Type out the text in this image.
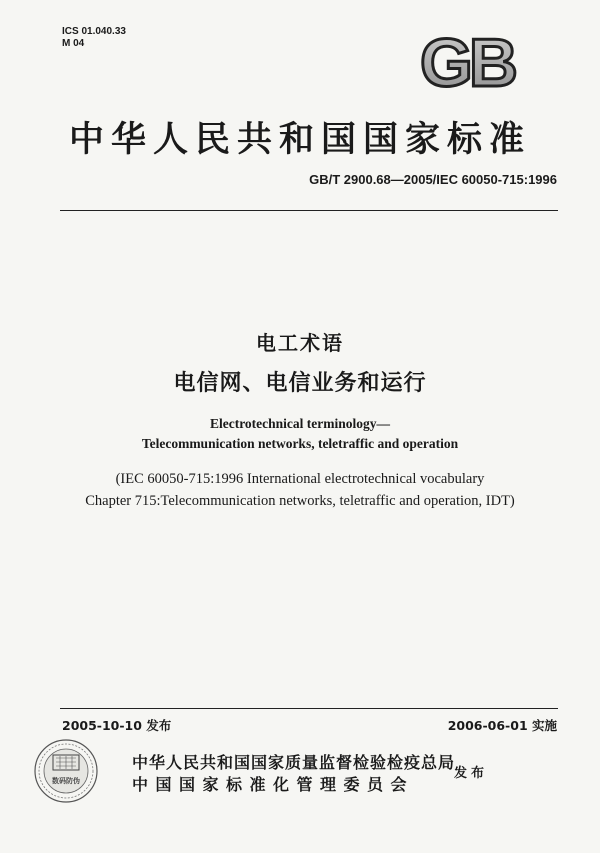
ICS 01.040.33
M 04	GB
中华人民共和国国家标准
GB/T 2900.68—2005/IEC 60050-715:1996
电工术语
电信网、电信业务和运行
Electrotechnical terminology—
Telecommunication networks, teletraffic and operation
(IEC 60050-715:1996 International electrotechnical vocabulary
Chapter 715:Telecommunication networks, teletraffic and operation, IDT)
2005-10-10 发布	2006-06-01 实施
数码防伪
中华人民共和国国家质量监督检验检疫总局
中国国家标准化管理委员会
发布
